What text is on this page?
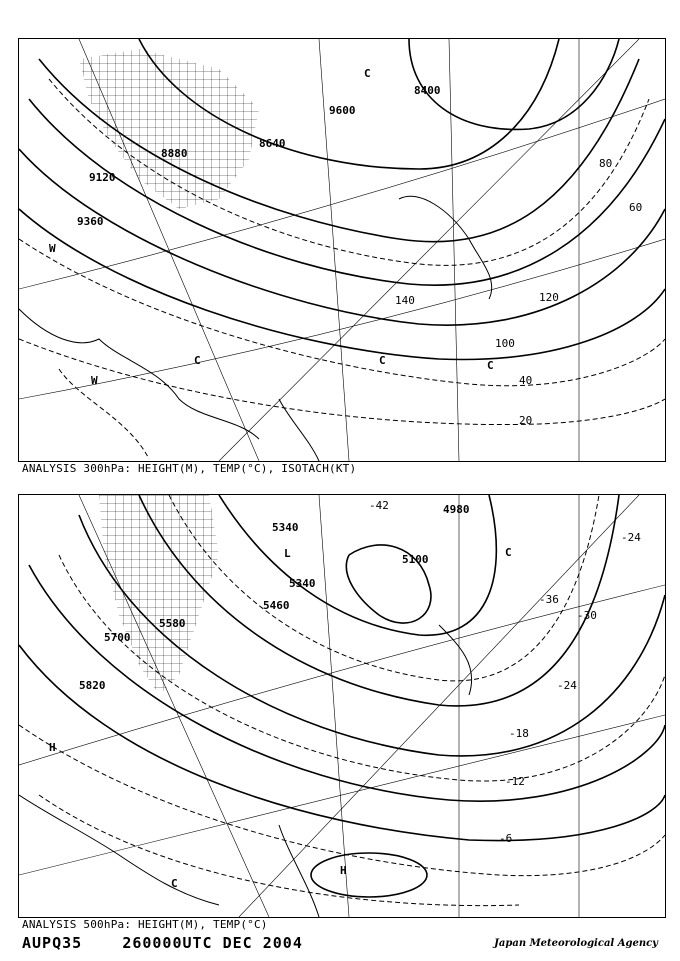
8400
8640
8880
9120
9360
9600
20
40
60
80
100
120
140
C
W
C	C
W
C
ANALYSIS 300hPa: HEIGHT(M), TEMP(°C), ISOTACH(KT)
4980
5100
5340
5340
5460
5580
5700
5820
-42
-36
-30
-24
-24
-18
-12
-6
C
H
H
C
L
ANALYSIS 500hPa: HEIGHT(M), TEMP(°C)
AUPQ35	260000UTC DEC 2004	Japan Meteorological Agency
